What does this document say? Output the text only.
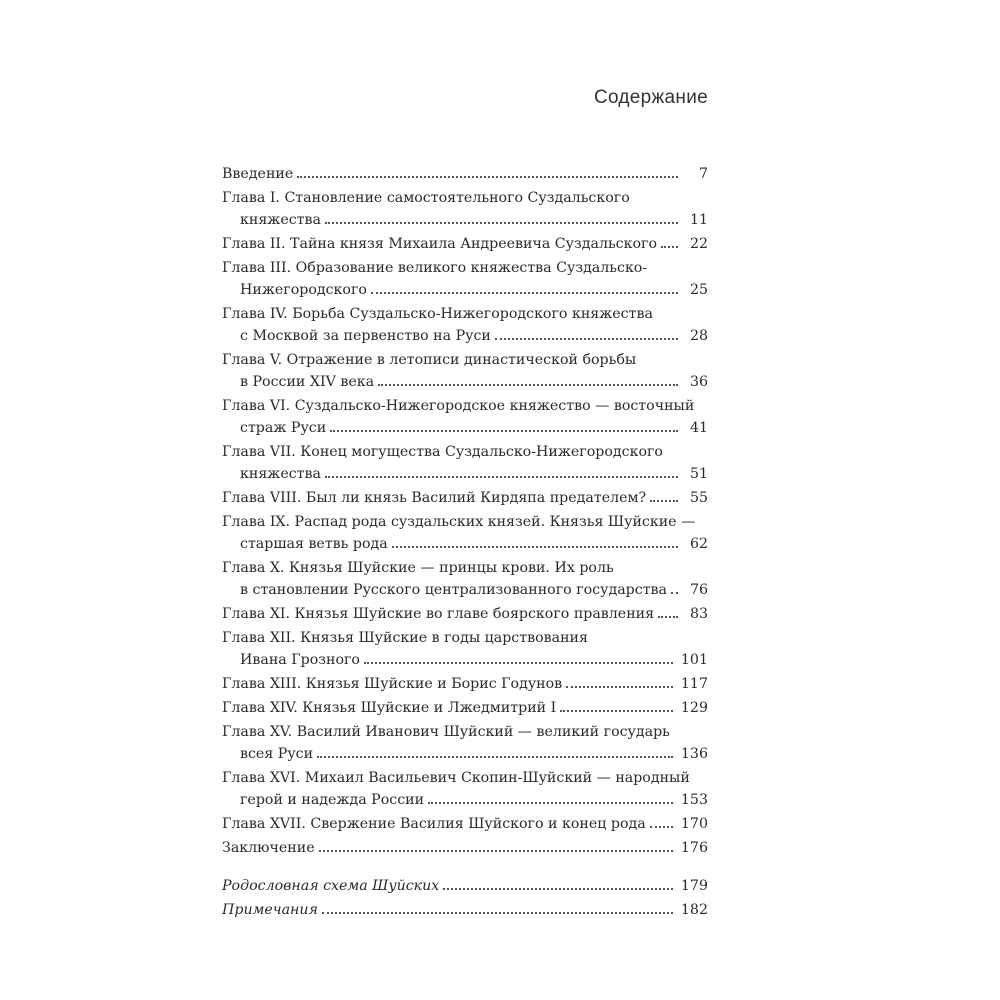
Содержание
Введение	7
Глава I. Становление самостоятельного Суздальского
княжества	11
Глава II. Тайна князя Михаила Андреевича Суздальского 22
Глава III. Образование великого княжества Суздальско-
Нижегородского	25
Глава IV. Борьба Суздальско-Нижегородского княжества
с Москвой за первенство на Руси	28
Глава V. Отражение в летописи династической борьбы
в России XIV века	36
Глава VI. Суздальско-Нижегородское княжество — восточный
страж Руси	41
Глава VII. Конец могущества Суздальско-Нижегородского
княжества	51
Глава VIII. Был ли князь Василий Кирдяпа предателем?	55
Глава IX. Распад рода суздальских князей. Князья Шуйские —
старшая ветвь рода	62
Глава X. Князья Шуйские — принцы крови. Их роль
в становлении Русского централизованного государства 76
Глава XI. Князья Шуйские во главе боярского правления	83
Глава XII. Князья Шуйские в годы царствования
Ивана Грозного	101
Глава XIII. Князья Шуйские и Борис Годунов	117
Глава XIV. Князья Шуйские и Лжедмитрий I	129
Глава XV. Василий Иванович Шуйский — великий государь
всея Руси	136
Глава XVI. Михаил Васильевич Скопин-Шуйский — народный
герой и надежда России	153
Глава XVII. Свержение Василия Шуйского и конец рода 170
Заключение	176
Родословная схема Шуйских	179
Примечания	182
